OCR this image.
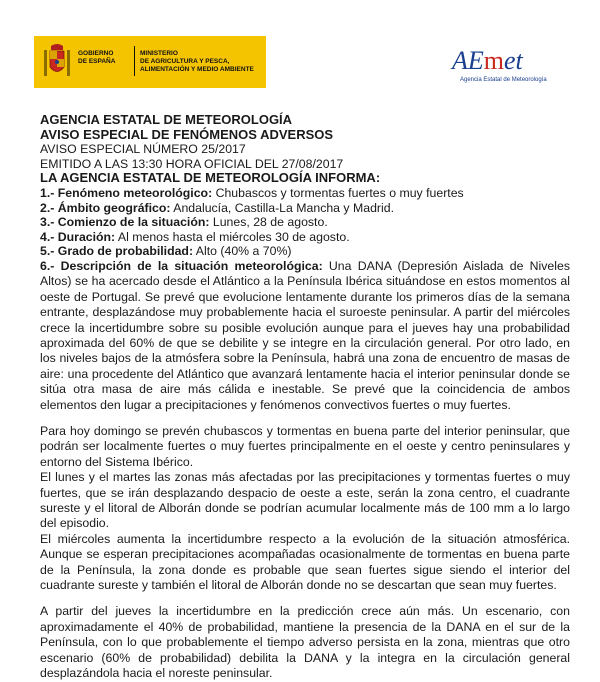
GOBIERNO
DE ESPAÑA
MINISTERIO
DE AGRICULTURA Y PESCA,
ALIMENTACIÓN Y MEDIO AMBIENTE	AEmet
Agencia Estatal de Meteorología
AGENCIA ESTATAL DE METEOROLOGÍA
AVISO ESPECIAL DE FENÓMENOS ADVERSOS
AVISO ESPECIAL NÚMERO 25/2017
EMITIDO A LAS 13:30 HORA OFICIAL DEL 27/08/2017
LA AGENCIA ESTATAL DE METEOROLOGÍA INFORMA:
1.- Fenómeno meteorológico: Chubascos y tormentas fuertes o muy fuertes
2.- Ámbito geográfico: Andalucía, Castilla-La Mancha y Madrid.
3.- Comienzo de la situación: Lunes, 28 de agosto.
4.- Duración: Al menos hasta el miércoles 30 de agosto.
5.- Grado de probabilidad: Alto (40% a 70%)
6.- Descripción de la situación meteorológica: Una DANA (Depresión Aislada de Niveles Altos) se ha acercado desde el Atlántico a la Península Ibérica situándose en estos momentos al oeste de Portugal. Se prevé que evolucione lentamente durante los primeros días de la semana entrante, desplazándose muy probablemente hacia el suroeste peninsular. A partir del miércoles crece la incertidumbre sobre su posible evolución aunque para el jueves hay una probabilidad aproximada del 60% de que se debilite y se integre en la circulación general. Por otro lado, en los niveles bajos de la atmósfera sobre la Península, habrá una zona de encuentro de masas de aire: una procedente del Atlántico que avanzará lentamente hacia el interior peninsular donde se sitúa otra masa de aire más cálida e inestable. Se prevé que la coincidencia de ambos elementos den lugar a precipitaciones y fenómenos convectivos fuertes o muy fuertes.
Para hoy domingo se prevén chubascos y tormentas en buena parte del interior peninsular, que podrán ser localmente fuertes o muy fuertes principalmente en el oeste y centro peninsulares y entorno del Sistema Ibérico.
El lunes y el martes las zonas más afectadas por las precipitaciones y tormentas fuertes o muy fuertes, que se irán desplazando despacio de oeste a este, serán la zona centro, el cuadrante sureste y el litoral de Alborán donde se podrían acumular localmente más de 100 mm a lo largo del episodio.
El miércoles aumenta la incertidumbre respecto a la evolución de la situación atmosférica. Aunque se esperan precipitaciones acompañadas ocasionalmente de tormentas en buena parte de la Península, la zona donde es probable que sean fuertes sigue siendo el interior del cuadrante sureste y también el litoral de Alborán donde no se descartan que sean muy fuertes.
A partir del jueves la incertidumbre en la predicción crece aún más. Un escenario, con aproximadamente el 40% de probabilidad, mantiene la presencia de la DANA en el sur de la Península, con lo que probablemente el tiempo adverso persista en la zona, mientras que otro escenario (60% de probabilidad) debilita la DANA y la integra en la circulación general desplazándola hacia el noreste peninsular.
